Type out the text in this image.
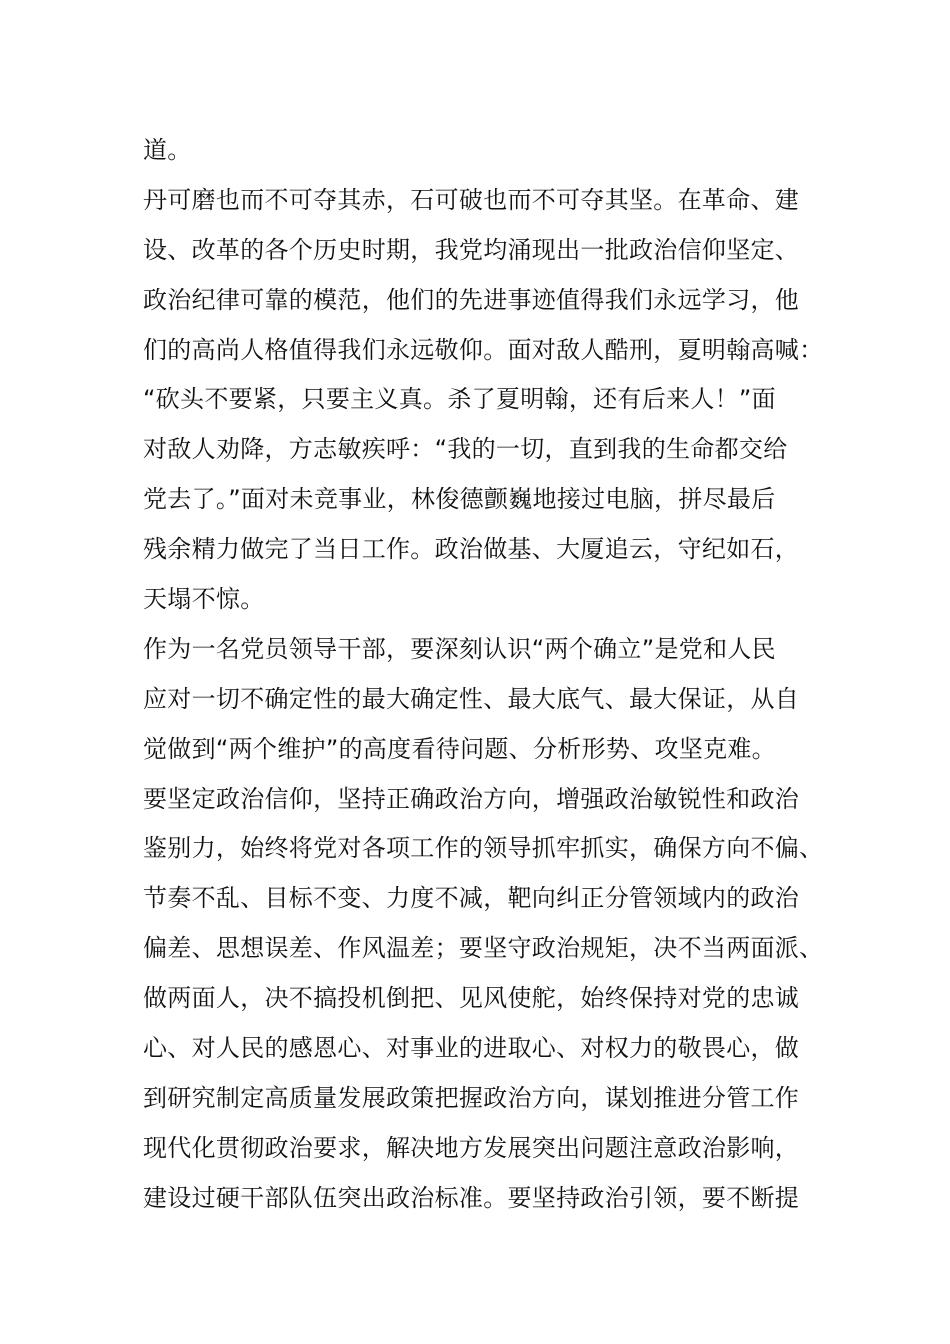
道。
丹可磨也而不可夺其赤，石可破也而不可夺其坚。在革命、建
设、改革的各个历史时期，我党均涌现出一批政治信仰坚定、
政治纪律可靠的模范，他们的先进事迹值得我们永远学习，他
们的高尚人格值得我们永远敬仰。面对敌人酷刑，夏明翰高喊：
“砍头不要紧，只要主义真。杀了夏明翰，还有后来人！”面
对敌人劝降，方志敏疾呼：“我的一切，直到我的生命都交给
党去了。”面对未竞事业，林俊德颤巍地接过电脑，拼尽最后
残余精力做完了当日工作。政治做基、大厦追云，守纪如石，
天塌不惊。
作为一名党员领导干部，要深刻认识“两个确立”是党和人民
应对一切不确定性的最大确定性、最大底气、最大保证，从自
觉做到“两个维护”的高度看待问题、分析形势、攻坚克难。
要坚定政治信仰，坚持正确政治方向，增强政治敏锐性和政治
鉴别力，始终将党对各项工作的领导抓牢抓实，确保方向不偏、
节奏不乱、目标不变、力度不减，靶向纠正分管领域内的政治
偏差、思想误差、作风温差；要坚守政治规矩，决不当两面派、
做两面人，决不搞投机倒把、见风使舵，始终保持对党的忠诚
心、对人民的感恩心、对事业的进取心、对权力的敬畏心，做
到研究制定高质量发展政策把握政治方向，谋划推进分管工作
现代化贯彻政治要求，解决地方发展突出问题注意政治影响，
建设过硬干部队伍突出政治标准。要坚持政治引领，要不断提
